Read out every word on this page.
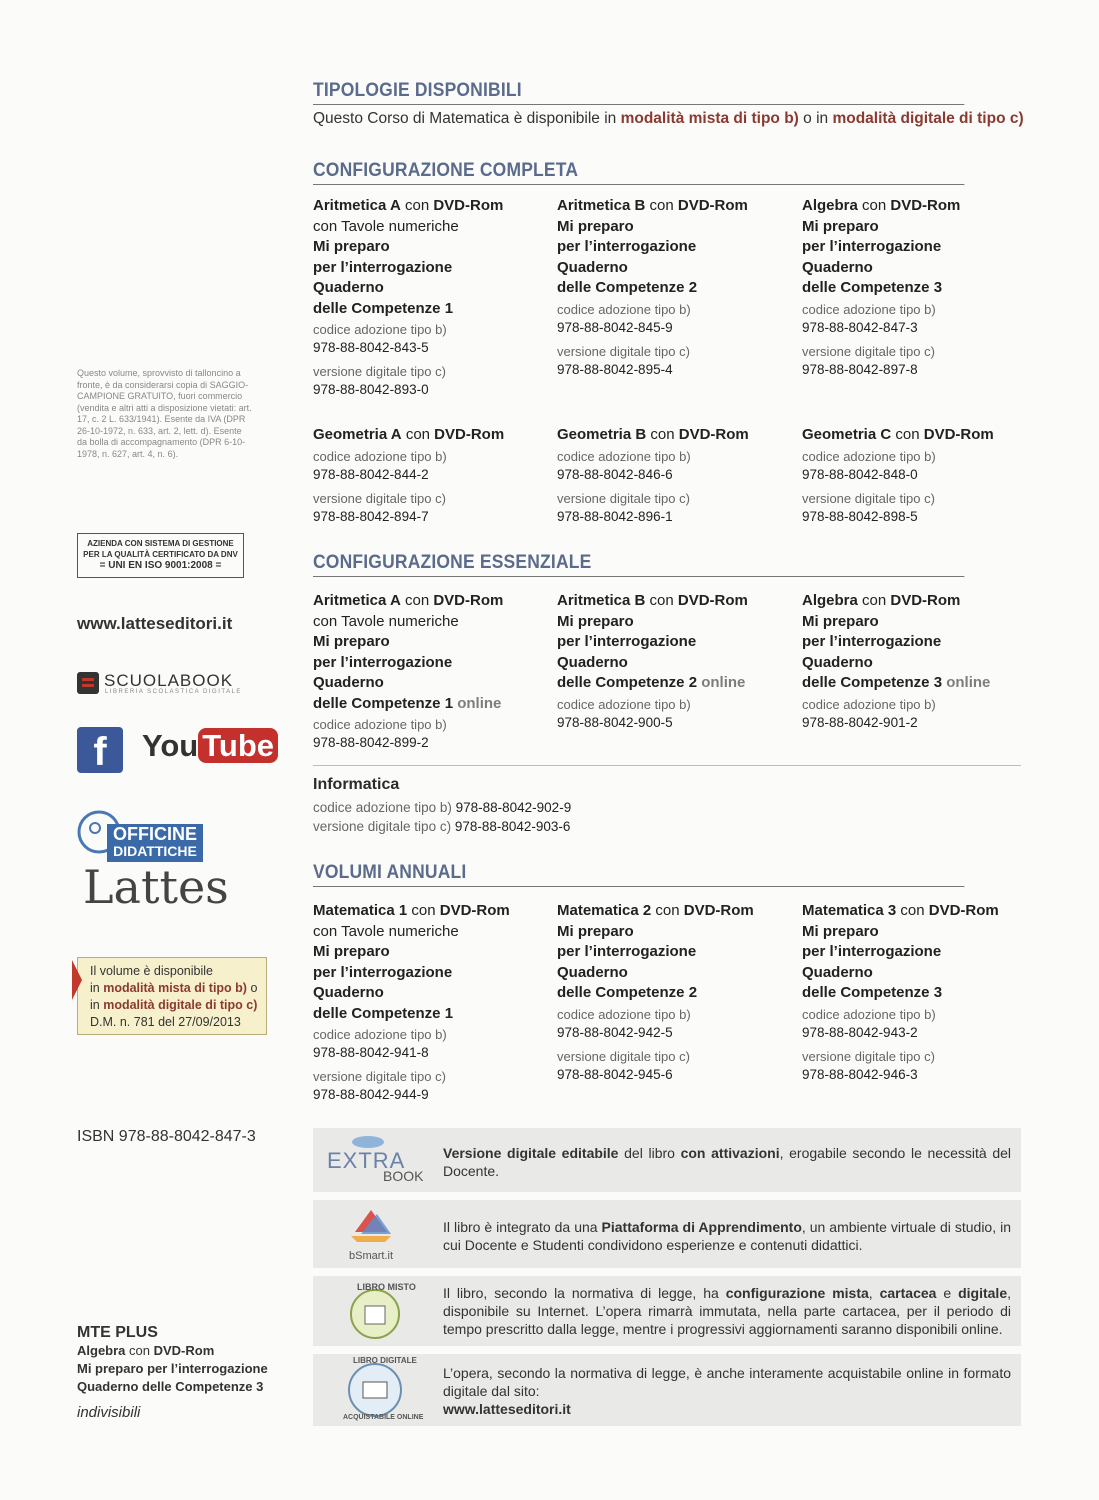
TIPOLOGIE DISPONIBILI
Questo Corso di Matematica è disponibile in modalità mista di tipo b) o in modalità digitale di tipo c)
CONFIGURAZIONE COMPLETA
Aritmetica A con DVD-Rom
con Tavole numeriche
Mi preparo
per l’interrogazione
Quaderno
delle Competenze 1
codice adozione tipo b)
978-88-8042-843-5
versione digitale tipo c)
978-88-8042-893-0
Aritmetica B con DVD-Rom
Mi preparo
per l’interrogazione
Quaderno
delle Competenze 2
codice adozione tipo b)
978-88-8042-845-9
versione digitale tipo c)
978-88-8042-895-4
Algebra con DVD-Rom
Mi preparo
per l’interrogazione
Quaderno
delle Competenze 3
codice adozione tipo b)
978-88-8042-847-3
versione digitale tipo c)
978-88-8042-897-8
Geometria A con DVD-Rom
codice adozione tipo b)
978-88-8042-844-2
versione digitale tipo c)
978-88-8042-894-7
Geometria B con DVD-Rom
codice adozione tipo b)
978-88-8042-846-6
versione digitale tipo c)
978-88-8042-896-1
Geometria C con DVD-Rom
codice adozione tipo b)
978-88-8042-848-0
versione digitale tipo c)
978-88-8042-898-5
CONFIGURAZIONE ESSENZIALE
Aritmetica A con DVD-Rom
con Tavole numeriche
Mi preparo
per l’interrogazione
Quaderno
delle Competenze 1 online
codice adozione tipo b)
978-88-8042-899-2
Aritmetica B con DVD-Rom
Mi preparo
per l’interrogazione
Quaderno
delle Competenze 2 online
codice adozione tipo b)
978-88-8042-900-5
Algebra con DVD-Rom
Mi preparo
per l’interrogazione
Quaderno
delle Competenze 3 online
codice adozione tipo b)
978-88-8042-901-2
Informatica
codice adozione tipo b) 978-88-8042-902-9
versione digitale tipo c) 978-88-8042-903-6
VOLUMI ANNUALI
Matematica 1 con DVD-Rom
con Tavole numeriche
Mi preparo
per l’interrogazione
Quaderno
delle Competenze 1
codice adozione tipo b)
978-88-8042-941-8
versione digitale tipo c)
978-88-8042-944-9
Matematica 2 con DVD-Rom
Mi preparo
per l’interrogazione
Quaderno
delle Competenze 2
codice adozione tipo b)
978-88-8042-942-5
versione digitale tipo c)
978-88-8042-945-6
Matematica 3 con DVD-Rom
Mi preparo
per l’interrogazione
Quaderno
delle Competenze 3
codice adozione tipo b)
978-88-8042-943-2
versione digitale tipo c)
978-88-8042-946-3
EXTRA
BOOK
Versione digitale editabile del libro con attivazioni, erogabile secondo le necessità del Docente.
bSmart.it
Il libro è integrato da una Piattaforma di Apprendimento, un ambiente virtuale di studio, in cui Docente e Studenti condividono esperienze e contenuti didattici.
LIBRO MISTO Il libro, secondo la normativa di legge, ha configurazione mista, cartacea e digitale, disponibile su Internet. L’opera rimarrà immutata, nella parte cartacea, per il periodo di tempo prescritto dalla legge, mentre i progressivi aggiornamenti saranno disponibili online.
LIBRO DIGITALE
ACQUISTABILE ONLINE
L’opera, secondo la normativa di legge, è anche interamente acquistabile online in formato digitale dal sito:
www.latteseditori.it
Questo volume, sprovvisto di talloncino a fronte, è da considerarsi copia di SAGGIO-CAMPIONE GRATUITO, fuori commercio (vendita e altri atti a disposizione vietati: art. 17, c. 2 L. 633/1941). Esente da IVA (DPR 26-10-1972, n. 633, art. 2, lett. d). Esente da bolla di accompagnamento (DPR 6-10-1978, n. 627, art. 4, n. 6).
AZIENDA CON SISTEMA DI GESTIONE
PER LA QUALITÀ CERTIFICATO DA DNV
= UNI EN ISO 9001:2008 =
www.latteseditori.it
SCUOLABOOK
LIBRERIA SCOLASTICA DIGITALE
f	You Tube
OFFICINE
DIDATTICHE
Lattes
Il volume è disponibile
in modalità mista di tipo b) o
in modalità digitale di tipo c)
D.M. n. 781 del 27/09/2013
ISBN 978-88-8042-847-3
MTE PLUS
Algebra con DVD-Rom
Mi preparo per l’interrogazione
Quaderno delle Competenze 3
indivisibili
